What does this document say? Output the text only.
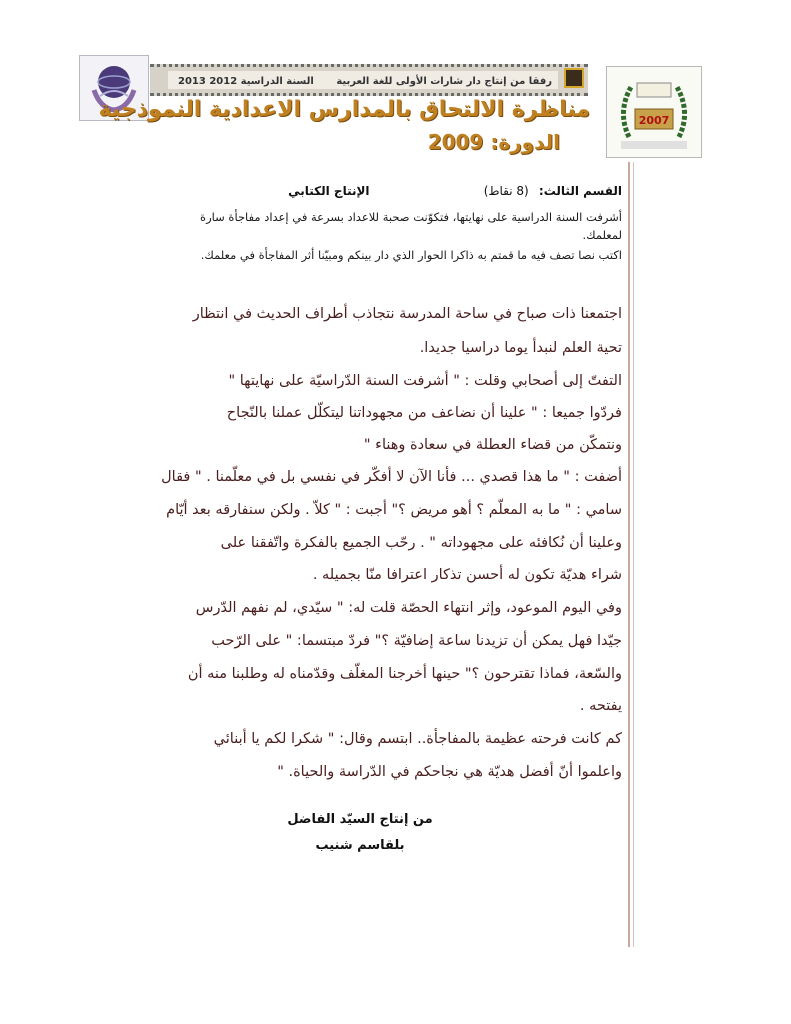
السنة الدراسية 2012 2013 رفقا من إنتاج دار شارات الأولى للغة العربية
مناظرة الالتحاق بالمدارس الاعدادية النموذجية
الدورة: 2009
2007
القسم الثالث: (8 نقاط) الإنتاج الكتابي
أشرفت السنة الدراسية على نهايتها، فتكوّنت صحبة للاعداد بسرعة في إعداد مفاجأة سارة
لمعلمك.
اكتب نصا تصف فيه ما قمتم به ذاكرا الحوار الذي دار بينكم ومبيّنا أثر المفاجأة في معلمك.
اجتمعنا ذات صباح في ساحة المدرسة نتجاذب أطراف الحديث في انتظار
تحية العلم لنبدأ يوما دراسيا جديدا.
التفتّ إلى أصحابي وقلت : " أشرفت السنة الدّراسيّة على نهايتها "
فردّوا جميعا : " علينا أن نضاعف من مجهوداتنا ليتكلّل عملنا بالنّجاح
ونتمكّن من قضاء العطلة في سعادة وهناء "
أضفت : " ما هذا قصدي ... فأنا الآن لا أفكّر في نفسي بل في معلّمنا . " فقال
سامي : " ما به المعلّم ؟ أهو مريض ؟" أجبت : " كلاّ . ولكن سنفارقه بعد أيّام
وعلينا أن نُكافئه على مجهوداته " . رحّب الجميع بالفكرة واتّفقنا على
شراء هديّة تكون له أحسن تذكار اعترافا منّا بجميله .
وفي اليوم الموعود، وإثر انتهاء الحصّة قلت له: " سيّدي، لم نفهم الدّرس
جيّدا فهل يمكن أن تزيدنا ساعة إضافيّة ؟" فردّ مبتسما: " على الرّحب
والسّعة، فماذا تقترحون ؟" حينها أخرجنا المغلّف وقدّمناه له وطلبنا منه أن
يفتحه .
كم كانت فرحته عظيمة بالمفاجأة.. ابتسم وقال: " شكرا لكم يا أبنائي
واعلموا أنّ أفضل هديّة هي نجاحكم في الدّراسة والحياة. "
من إنتاج السيّد الفاضل
بلقاسم شنيب
